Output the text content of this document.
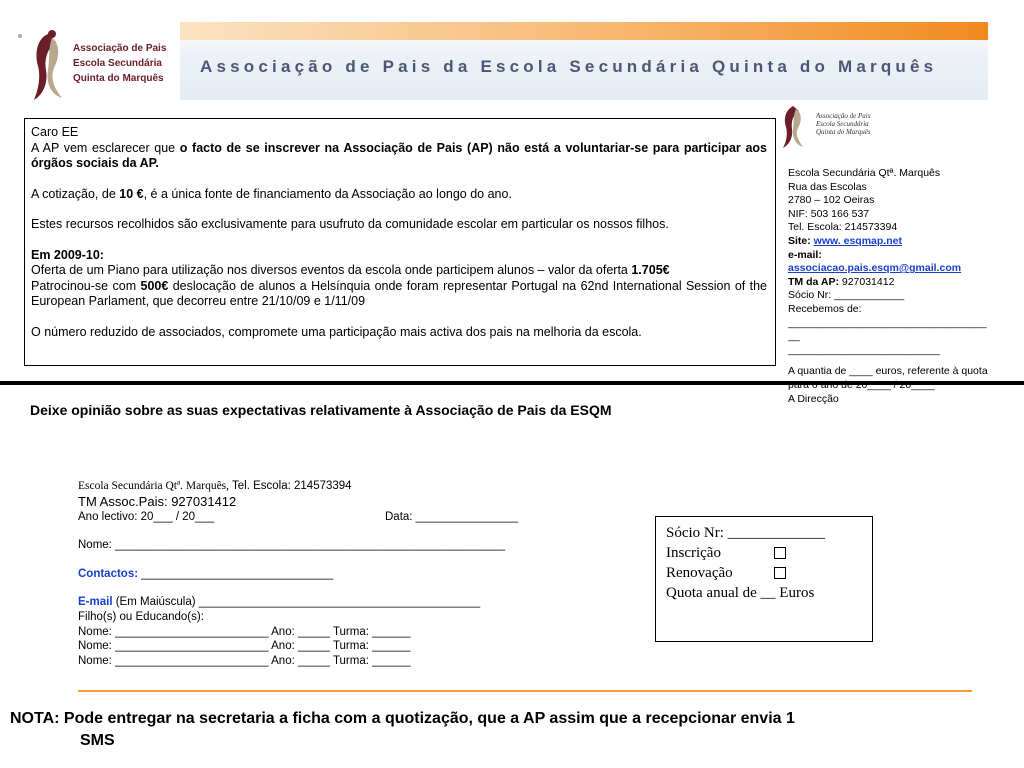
Associação de Pais da Escola Secundária Quinta do Marquês
Associação de Pais
Escola Secundária
Quinta do Marquês

Caro EE

A AP vem esclarecer que o facto de se inscrever na Associação de Pais (AP) não está a voluntariar-se para participar aos órgãos sociais da AP.

A cotização, de 10 €, é a única fonte de financiamento da Associação ao longo do ano.

Estes recursos recolhidos são exclusivamente para usufruto da comunidade escolar em particular os nossos filhos.

Em 2009-10:

Oferta de um Piano para utilização nos diversos eventos da escola onde participem alunos – valor da oferta 1.705€

Patrocinou-se com 500€ deslocação de alunos a Helsínquia onde foram representar Portugal na 62nd International Session of the European Parlament, que decorreu entre 21/10/09 e 1/11/09

O número reduzido de associados, compromete uma participação mais activa dos pais na melhoria da escola.

Deixe opinião sobre as suas expectativas relativamente à Associação de Pais da ESQM
Associação de Pais
Escola Secundária
Quinta do Marquês
Escola Secundária Qtª. Marquês
Rua das Escolas
2780 – 102 Oeiras
NIF: 503 166 537
Tel. Escola: 214573394
Site: www. esqmap.net
e-mail:
associacao.pais.esqm@gmail.com
TM da AP: 927031412
Sócio Nr: ____________
Recebemos de:
__________________________________
__
__________________________
A quantia de ____ euros, referente à quota
para o ano de 20____ / 20____
A Direcção
Escola Secundária Qtª. Marquês, Tel. Escola: 214573394
TM Assoc.Pais: 927031412
Ano lectivo: 20___ / 20___	Data: ________________
Nome: _____________________________________________________________
Contactos: ______________________________
E-mail (Em Maiúscula) ____________________________________________
Filho(s) ou Educando(s):
Nome: ________________________ Ano: _____ Turma: ______
Nome: ________________________ Ano: _____ Turma: ______
Nome: ________________________ Ano: _____ Turma: ______
Sócio Nr: _____________
Inscrição
Renovação
Quota anual de __ Euros
NOTA: Pode entregar na secretaria a ficha com a quotização, que a AP assim que a recepcionar envia 1
SMS
